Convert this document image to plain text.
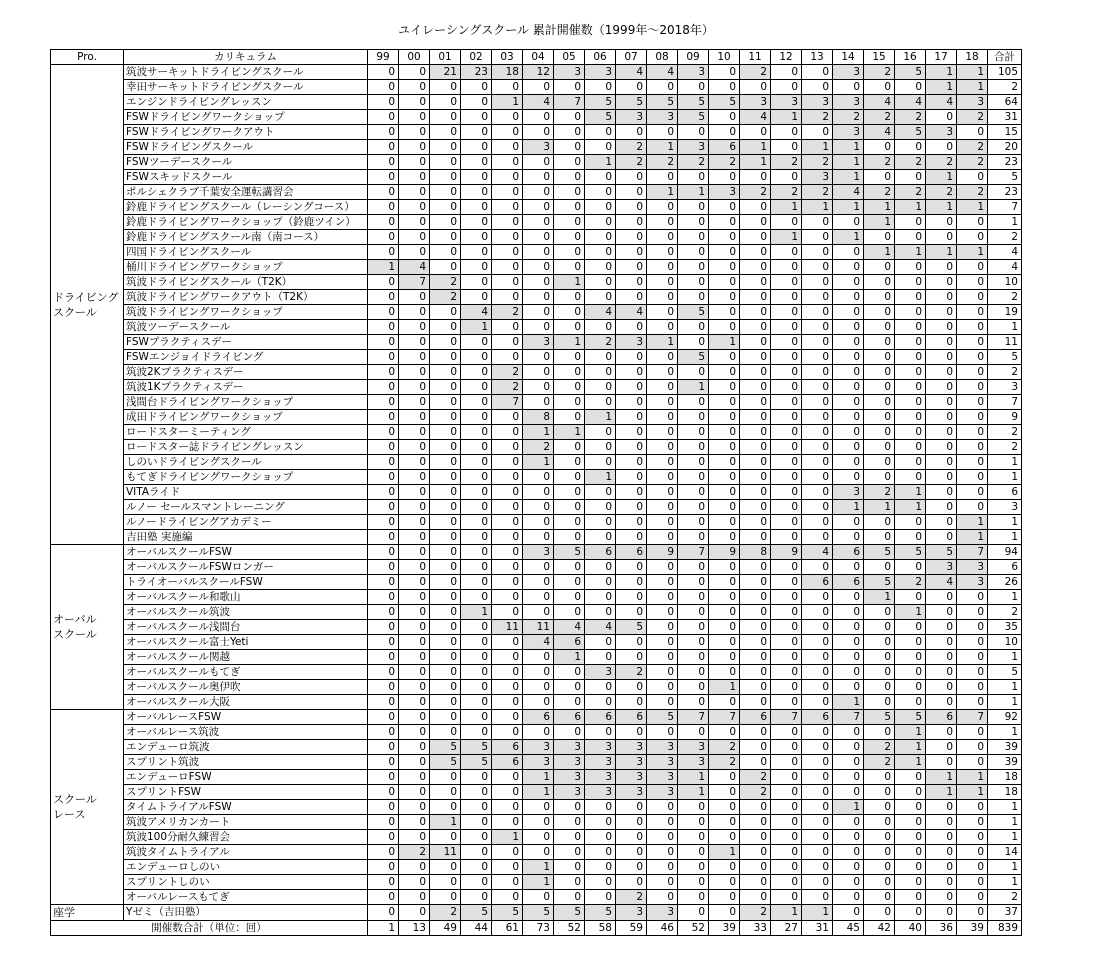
ユイレーシングスクール 累計開催数（1999年〜2018年）
Pro.	カリキュラム	99	00	01	02	03	04	05	06	07	08	09	10	11	12	13	14	15	16	17	18	合計
ドライビング
スクール	筑波サーキットドライビングスクール	0	0	21	23	18	12	3	3	4	4	3	0	2	0	0	3	2	5	1	1	105
	幸田サーキットドライビングスクール	0	0	0	0	0	0	0	0	0	0	0	0	0	0	0	0	0	0	1	1	2
	エンジンドライビングレッスン	0	0	0	0	1	4	7	5	5	5	5	5	3	3	3	3	4	4	4	3	64
	FSWドライビングワークショップ	0	0	0	0	0	0	0	5	3	3	5	0	4	1	2	2	2	2	0	2	31
	FSWドライビングワークアウト	0	0	0	0	0	0	0	0	0	0	0	0	0	0	0	3	4	5	3	0	15
	FSWドライビングスクール	0	0	0	0	0	3	0	0	2	1	3	6	1	0	1	1	0	0	0	2	20
	FSWツーデースクール	0	0	0	0	0	0	0	1	2	2	2	2	1	2	2	1	2	2	2	2	23
	FSWスキッドスクール	0	0	0	0	0	0	0	0	0	0	0	0	0	0	3	1	0	0	1	0	5
	ポルシェクラブ千葉安全運転講習会	0	0	0	0	0	0	0	0	0	1	1	3	2	2	2	4	2	2	2	2	23
	鈴鹿ドライビングスクール（レーシングコース）	0	0	0	0	0	0	0	0	0	0	0	0	0	1	1	1	1	1	1	1	7
	鈴鹿ドライビングワークショップ（鈴鹿ツイン）	0	0	0	0	0	0	0	0	0	0	0	0	0	0	0	0	1	0	0	0	1
	鈴鹿ドライビングスクール南（南コース）	0	0	0	0	0	0	0	0	0	0	0	0	0	1	0	1	0	0	0	0	2
	四国ドライビングスクール	0	0	0	0	0	0	0	0	0	0	0	0	0	0	0	0	1	1	1	1	4
	桶川ドライビングワークショップ	1	4	0	0	0	0	0	0	0	0	0	0	0	0	0	0	0	0	0	0	4
	筑波ドライビングスクール（T2K）	0	7	2	0	0	0	1	0	0	0	0	0	0	0	0	0	0	0	0	0	10
	筑波ドライビングワークアウト（T2K）	0	0	2	0	0	0	0	0	0	0	0	0	0	0	0	0	0	0	0	0	2
	筑波ドライビングワークショップ	0	0	0	4	2	0	0	4	4	0	5	0	0	0	0	0	0	0	0	0	19
	筑波ツーデースクール	0	0	0	1	0	0	0	0	0	0	0	0	0	0	0	0	0	0	0	0	1
	FSWプラクティスデー	0	0	0	0	0	3	1	2	3	1	0	1	0	0	0	0	0	0	0	0	11
	FSWエンジョイドライビング	0	0	0	0	0	0	0	0	0	0	5	0	0	0	0	0	0	0	0	0	5
	筑波2Kプラクティスデー	0	0	0	0	2	0	0	0	0	0	0	0	0	0	0	0	0	0	0	0	2
	筑波1Kプラクティスデー	0	0	0	0	2	0	0	0	0	0	1	0	0	0	0	0	0	0	0	0	3
	浅間台ドライビングワークショップ	0	0	0	0	7	0	0	0	0	0	0	0	0	0	0	0	0	0	0	0	7
	成田ドライビングワークショップ	0	0	0	0	0	8	0	1	0	0	0	0	0	0	0	0	0	0	0	0	9
	ロードスターミーティング	0	0	0	0	0	1	1	0	0	0	0	0	0	0	0	0	0	0	0	0	2
	ロードスター誌ドライビングレッスン	0	0	0	0	0	2	0	0	0	0	0	0	0	0	0	0	0	0	0	0	2
	しのいドライビングスクール	0	0	0	0	0	1	0	0	0	0	0	0	0	0	0	0	0	0	0	0	1
	もてぎドライビングワークショップ	0	0	0	0	0	0	0	1	0	0	0	0	0	0	0	0	0	0	0	0	1
	VITAライド	0	0	0	0	0	0	0	0	0	0	0	0	0	0	0	3	2	1	0	0	6
	ルノー セールスマントレーニング	0	0	0	0	0	0	0	0	0	0	0	0	0	0	0	1	1	1	0	0	3
	ルノードライビングアカデミー	0	0	0	0	0	0	0	0	0	0	0	0	0	0	0	0	0	0	0	1	1
	吉田塾 実施編	0	0	0	0	0	0	0	0	0	0	0	0	0	0	0	0	0	0	0	1	1
オーバル
スクール	オーバルスクールFSW	0	0	0	0	0	3	5	6	6	9	7	9	8	9	4	6	5	5	5	7	94
	オーバルスクールFSWロンガー	0	0	0	0	0	0	0	0	0	0	0	0	0	0	0	0	0	0	3	3	6
	トライオーバルスクールFSW	0	0	0	0	0	0	0	0	0	0	0	0	0	0	6	6	5	2	4	3	26
	オーバルスクール和歌山	0	0	0	0	0	0	0	0	0	0	0	0	0	0	0	0	1	0	0	0	1
	オーバルスクール筑波	0	0	0	1	0	0	0	0	0	0	0	0	0	0	0	0	0	1	0	0	2
	オーバルスクール浅間台	0	0	0	0	11	11	4	4	5	0	0	0	0	0	0	0	0	0	0	0	35
	オーバルスクール富士Yeti	0	0	0	0	0	4	6	0	0	0	0	0	0	0	0	0	0	0	0	0	10
	オーバルスクール関越	0	0	0	0	0	0	1	0	0	0	0	0	0	0	0	0	0	0	0	0	1
	オーバルスクールもてぎ	0	0	0	0	0	0	0	3	2	0	0	0	0	0	0	0	0	0	0	0	5
	オーバルスクール奥伊吹	0	0	0	0	0	0	0	0	0	0	0	1	0	0	0	0	0	0	0	0	1
	オーバルスクール大阪	0	0	0	0	0	0	0	0	0	0	0	0	0	0	0	1	0	0	0	0	1
スクール
レース	オーバルレースFSW	0	0	0	0	0	6	6	6	6	5	7	7	6	7	6	7	5	5	6	7	92
	オーバルレース筑波	0	0	0	0	0	0	0	0	0	0	0	0	0	0	0	0	0	1	0	0	1
	エンデューロ筑波	0	0	5	5	6	3	3	3	3	3	3	2	0	0	0	0	2	1	0	0	39
	スプリント筑波	0	0	5	5	6	3	3	3	3	3	3	2	0	0	0	0	2	1	0	0	39
	エンデューロFSW	0	0	0	0	0	1	3	3	3	3	1	0	2	0	0	0	0	0	1	1	18
	スプリントFSW	0	0	0	0	0	1	3	3	3	3	1	0	2	0	0	0	0	0	1	1	18
	タイムトライアルFSW	0	0	0	0	0	0	0	0	0	0	0	0	0	0	0	1	0	0	0	0	1
	筑波アメリカンカート	0	0	1	0	0	0	0	0	0	0	0	0	0	0	0	0	0	0	0	0	1
	筑波100分耐久練習会	0	0	0	0	1	0	0	0	0	0	0	0	0	0	0	0	0	0	0	0	1
	筑波タイムトライアル	0	2	11	0	0	0	0	0	0	0	0	1	0	0	0	0	0	0	0	0	14
	エンデューロしのい	0	0	0	0	0	1	0	0	0	0	0	0	0	0	0	0	0	0	0	0	1
	スプリントしのい	0	0	0	0	0	1	0	0	0	0	0	0	0	0	0	0	0	0	0	0	1
	オーバルレースもてぎ	0	0	0	0	0	0	0	0	2	0	0	0	0	0	0	0	0	0	0	0	2
座学	Yゼミ（吉田塾）	0	0	2	5	5	5	5	5	3	3	0	0	2	1	1	0	0	0	0	0	37
開催数合計（単位：回）		1	13	49	44	61	73	52	58	59	46	52	39	33	27	31	45	42	40	36	39	839
